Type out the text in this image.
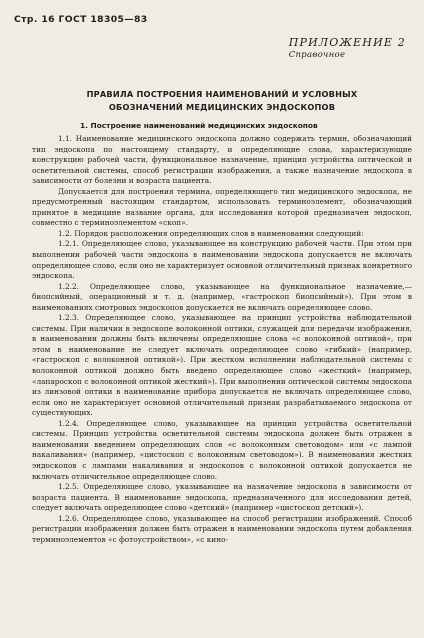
Стр. 16 ГОСТ 18305—83
ПРИЛОЖЕНИЕ 2
Справочное
ПРАВИЛА ПОСТРОЕНИЯ НАИМЕНОВАНИЙ И УСЛОВНЫХ
ОБОЗНАЧЕНИЙ МЕДИЦИНСКИХ ЭНДОСКОПОВ
1. Построение наименований медицинских эндоскопов

1.1. Наименование медицинского эндоскопа должно содержать термин, обозначающий тип эндоскопа по настоящему стандарту, и определяющие слова, характеризующие конструкцию рабочей части, функциональное назначение, принцип устройства оптической и осветительной системы, способ регистрации изображения, а также назначение эндоскопа в зависимости от болезни и возраста пациента.

Допускается для построения термина, определяющего тип медицинского эндоскопа, не предусмотренный настоящим стандартом, использовать терминоэлемент, обозначающий принятое в медицине название органа, для исследования которой предназначен эндоскоп, совместно с терминоэлементом «скоп».

1.2. Порядок расположения определяющих слов в наименовании следующий:

1.2.1. Определяющее слово, указывающее на конструкцию рабочей части. При этом при выполнении рабочей части эндоскопа в наименовании эндоскопа допускается не включать определяющее слово, если оно не характеризует основной отличительный признак конкретного эндоскопа.

1.2.2. Определяющее слово, указывающее на функциональное назначение,— биопсийный, операционный и т. д. (например, «гастроскоп биопсийный»). При этом в наименованиях смотровых эндоскопов допускается не включать определяющее слово.

1.2.3. Определяющее слово, указывающее на принцип устройства наблюдательной системы. При наличии в эндоскопе волоконной оптики, служащей для передачи изображения, в наименовании должны быть включены определяющие слова «с волоконной оптикой», при этом в наименование не следует включать определяющее слово «гибкий» (например, «гастроскоп с волоконной оптикой»). При жестком исполнении наблюдательной системы с волоконной оптикой должно быть введено определяющее слово «жесткий» (например, «лапароскоп с волоконной оптикой жесткий»). При выполнении оптической системы эндоскопа из линзовой оптики в наименование прибора допускается не включать определяющее слово, если оно не характеризует основной отличительный признак разрабатываемого эндоскопа от существующих.

1.2.4. Определяющее слово, указывающее на принцип устройства осветительной системы. Принцип устройства осветительной системы эндоскопа должен быть отражен в наименовании введением определяющих слов «с волоконным световодом» или «с лампой накаливания» (например, «цистоскоп с волоконным световодом»). В наименования жестких эндоскопов с лампами накаливания и эндоскопов с волоконной оптикой допускается не включать отличительное определяющее слово.

1.2.5. Определяющее слово, указывающее на назначение эндоскопа в зависимости от возраста пациента. В наименование эндоскопа, предназначенного для исследования детей, следует включать определяющее слово «детский» (например «цистоскоп детский»).

1.2.6. Определяющее слово, указывающее на способ регистрации изображений. Способ регистрации изображения должен быть отражен в наименовании эндоскопа путем добавления терминоэлементов «с фотоустройством», «с кино-
